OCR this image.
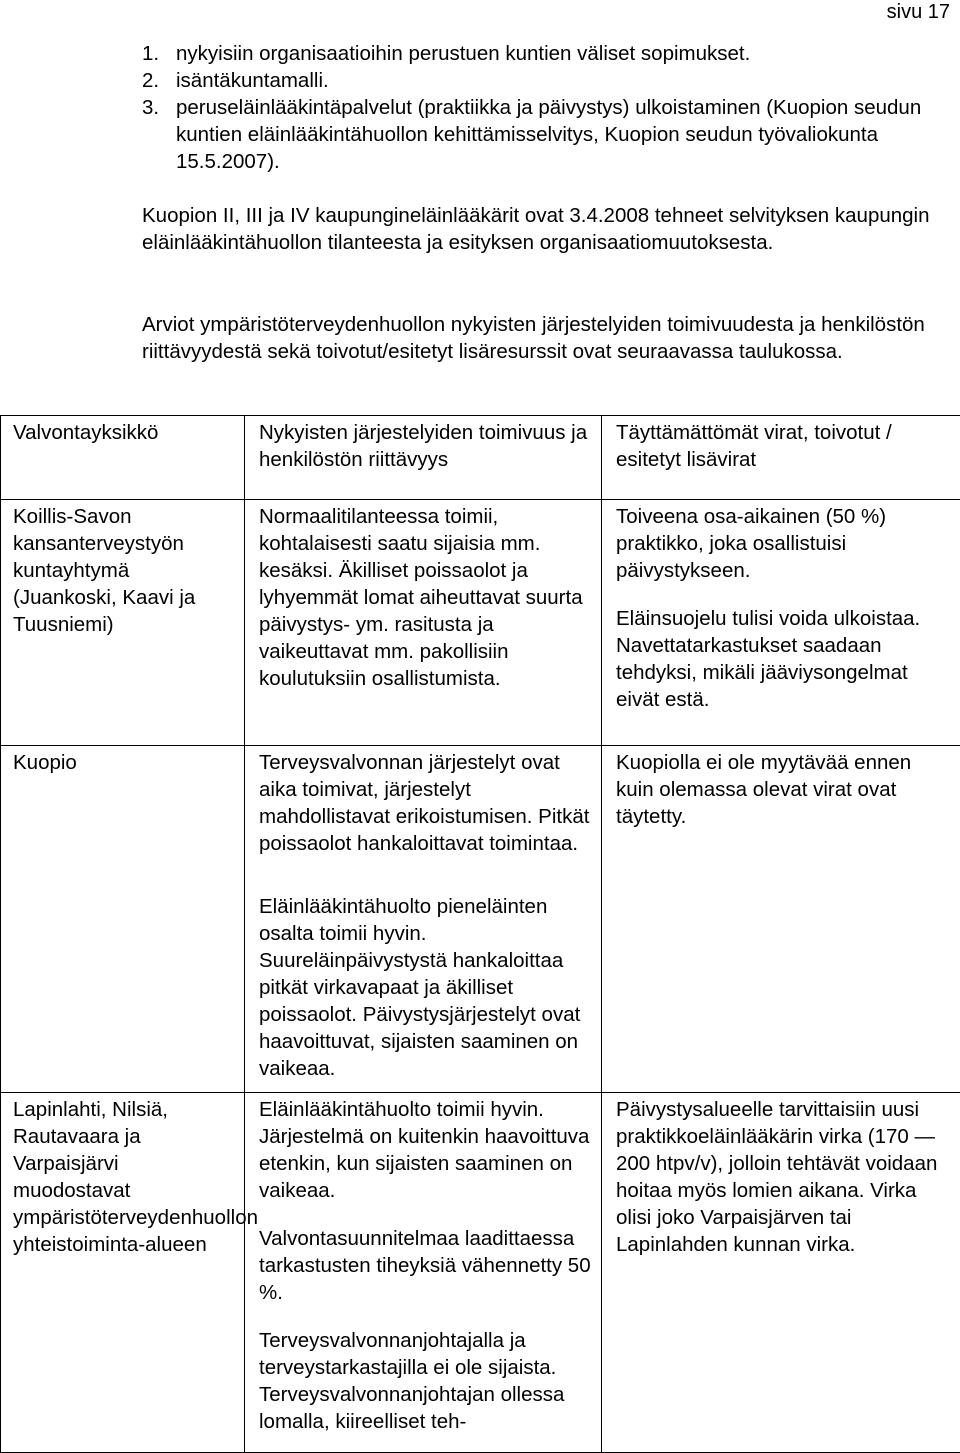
sivu 17
1. nykyisiin organisaatioihin perustuen kuntien väliset sopimukset.
2. isäntäkuntamalli.
3. peruseläinlääkintäpalvelut (praktiikka ja päivystys) ulkoistaminen (Kuopion seudun kuntien eläinlääkintähuollon kehittämisselvitys, Kuopion seudun työvaliokunta 15.5.2007).

Kuopion II, III ja IV kaupungineläinlääkärit ovat 3.4.2008 tehneet selvityksen kaupungin eläinlääkintähuollon tilanteesta ja esityksen organisaatiomuutoksesta.

Arviot ympäristöterveydenhuollon nykyisten järjestelyiden toimivuudesta ja henkilöstön riittävyydestä sekä toivotut/esitetyt lisäresurssit ovat seuraavassa taulukossa.

Valvontayksikkö	Nykyisten järjestelyiden toimivuus ja henkilöstön riittävyys	Täyttämättömät virat, toivotut / esitetyt lisävirat

Koillis-Savon kansanterveystyön kuntayhtymä (Juankoski, Kaavi ja Tuusniemi)	Normaalitilanteessa toimii, kohtalaisesti saatu sijaisia mm. kesäksi. Äkilliset poissaolot ja lyhyemmät lomat aiheuttavat suurta päivystys- ym. rasitusta ja vaikeuttavat mm. pakollisiin koulutuksiin osallistumista.	Toiveena osa-aikainen (50 %) praktikko, joka osallistuisi päivystykseen.

Eläinsuojelu tulisi voida ulkoistaa. Navettatarkastukset saadaan tehdyksi, mikäli jääviysongelmat eivät estä.

Kuopio	Terveysvalvonnan järjestelyt ovat aika toimivat, järjestelyt mahdollistavat erikoistumisen. Pitkät poissaolot hankaloittavat toimintaa.

Eläinlääkintähuolto pieneläinten osalta toimii hyvin. Suureläinpäivystystä hankaloittaa pitkät virkavapaat ja äkilliset poissaolot. Päivystysjärjestelyt ovat haavoittuvat, sijaisten saaminen on vaikeaa.	Kuopiolla ei ole myytävää ennen kuin olemassa olevat virat ovat täytetty.

Lapinlahti, Nilsiä, Rautavaara ja Varpaisjärvi muodostavat ympäristöterveydenhuollon yhteistoiminta-alueen	Eläinlääkintähuolto toimii hyvin. Järjestelmä on kuitenkin haavoittuva etenkin, kun sijaisten saaminen on vaikeaa.

Valvontasuunnitelmaa laadittaessa tarkastusten tiheyksiä vähennetty 50 %.

Terveysvalvonnanjohtajalla ja terveystarkastajilla ei ole sijaista. Terveysvalvonnanjohtajan ollessa lomalla, kiireelliset teh-	Päivystysalueelle tarvittaisiin uusi praktikkoeläinlääkärin virka (170 — 200 htpv/v), jolloin tehtävät voidaan hoitaa myös lomien aikana. Virka olisi joko Varpaisjärven tai Lapinlahden kunnan virka.
